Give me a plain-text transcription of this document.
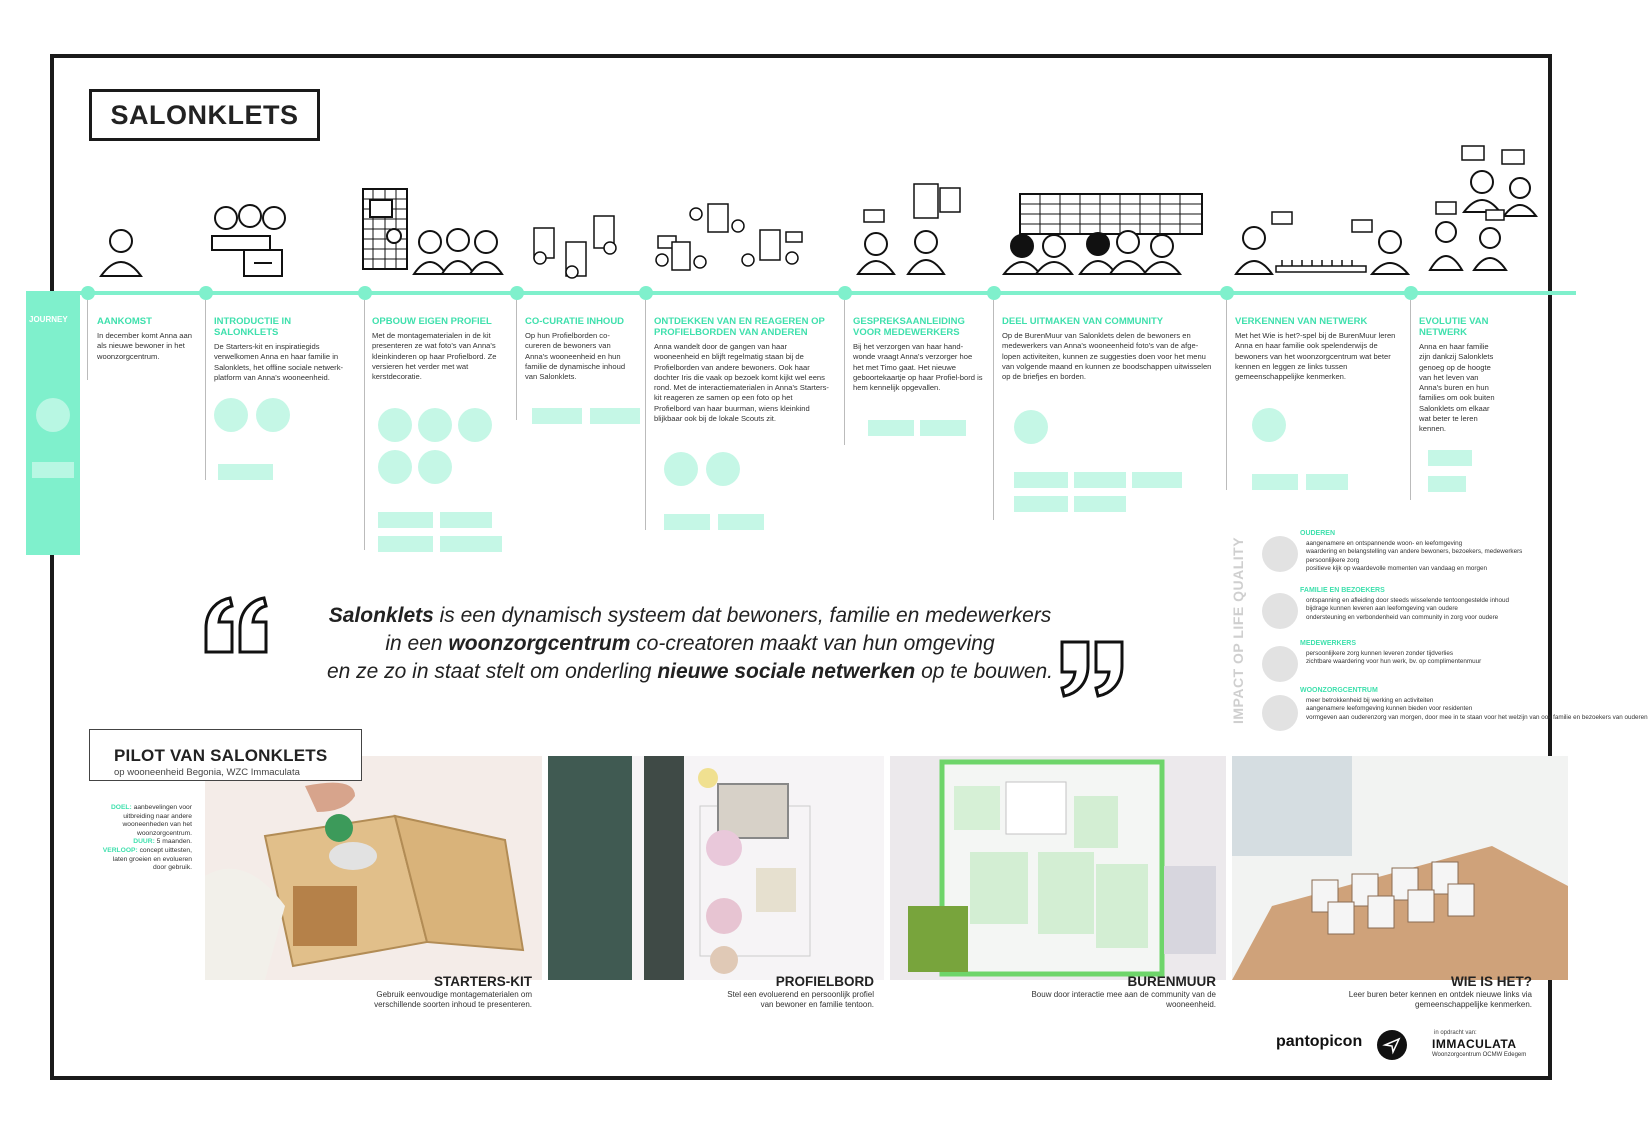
SALONKLETS
JOURNEY	AANKOMST
In december komt Anna aan als nieuwe bewoner in het woonzorgcentrum.
INTRODUCTIE IN SALONKLETS
De Starters-kit en inspiratiegids verwelkomen Anna en haar familie in Salonklets, het offline sociale netwerk-platform van Anna's wooneenheid.
OPBOUW EIGEN PROFIEL
Met de montagematerialen in de kit presenteren ze wat foto's van Anna's kleinkinderen op haar Profielbord. Ze versieren het verder met wat kerstdecoratie.
CO-CURATIE INHOUD
Op hun Profielborden co-cureren de bewoners van Anna's wooneenheid en hun familie de dynamische inhoud van Salonklets.
ONTDEKKEN VAN EN REAGEREN OP PROFIELBORDEN VAN ANDEREN
Anna wandelt door de gangen van haar wooneenheid en blijft regelmatig staan bij de Profielborden van andere bewoners. Ook haar dochter Iris die vaak op bezoek komt kijkt wel eens rond. Met de interactiematerialen in Anna's Starters-kit reageren ze samen op een foto op het Profielbord van haar buurman, wiens kleinkind blijkbaar ook bij de lokale Scouts zit.
GESPREKSAANLEIDING VOOR MEDEWERKERS
Bij het verzorgen van haar hand-wonde vraagt Anna's verzorger hoe het met Timo gaat. Het nieuwe geboortekaartje op haar Profiel-bord is hem kennelijk opgevallen.
DEEL UITMAKEN VAN COMMUNITY
Op de BurenMuur van Salonklets delen de bewoners en medewerkers van Anna's wooneenheid foto's van de afge-lopen activiteiten, kunnen ze suggesties doen voor het menu van volgende maand en kunnen ze boodschappen uitwisselen op de briefjes en borden.
VERKENNEN VAN NETWERK
Met het Wie is het?-spel bij de BurenMuur leren Anna en haar familie ook spelenderwijs de bewoners van het woonzorgcentrum wat beter kennen en leggen ze links tussen gemeenschappelijke kenmerken.
EVOLUTIE VAN NETWERK
Anna en haar familie zijn dankzij Salonklets genoeg op de hoogte van het leven van Anna's buren en hun families om ook buiten Salonklets om elkaar wat beter te leren kennen.
Salonklets is een dynamisch systeem dat bewoners, familie en medewerkers
in een woonzorgcentrum co-creatoren maakt van hun omgeving
en ze zo in staat stelt om onderling nieuwe sociale netwerken op te bouwen.	IMPACT OP LIFE QUALITY
OUDEREN
aangenamere en ontspannende woon- en leefomgeving
waardering en belangstelling van andere bewoners, bezoekers, medewerkers
persoonlijkere zorg
positieve kijk op waardevolle momenten van vandaag en morgen
FAMILIE EN BEZOEKERS
ontspanning en afleiding door steeds wisselende tentoongestelde inhoud
bijdrage kunnen leveren aan leefomgeving van oudere
ondersteuning en verbondenheid van community in zorg voor oudere
MEDEWERKERS
persoonlijkere zorg kunnen leveren zonder tijdverlies
zichtbare waardering voor hun werk, bv. op complimentenmuur
WOONZORGCENTRUM
meer betrokkenheid bij werking en activiteiten
aangenamere leefomgeving kunnen bieden voor residenten
vormgeven aan ouderenzorg van morgen, door mee in te staan voor het welzijn van ook familie en bezoekers van ouderen
PILOT VAN SALONKLETS
op wooneenheid Begonia, WZC Immaculata
DOEL: aanbevelingen voor uitbreiding naar andere wooneenheden van het woonzorgcentrum.
DUUR: 5 maanden.
VERLOOP: concept uittesten, laten groeien en evolueren door gebruik.
STARTERS-KIT
Gebruik eenvoudige montagematerialen om verschillende soorten inhoud te presenteren.
PROFIELBORD
Stel een evoluerend en persoonlijk profiel van bewoner en familie tentoon.
BURENMUUR
Bouw door interactie mee aan de community van de wooneenheid.
WIE IS HET?
Leer buren beter kennen en ontdek nieuwe links via gemeenschappelijke kenmerken.
pantopicon	in opdracht van:
IMMACULATA
Woonzorgcentrum OCMW Edegem
